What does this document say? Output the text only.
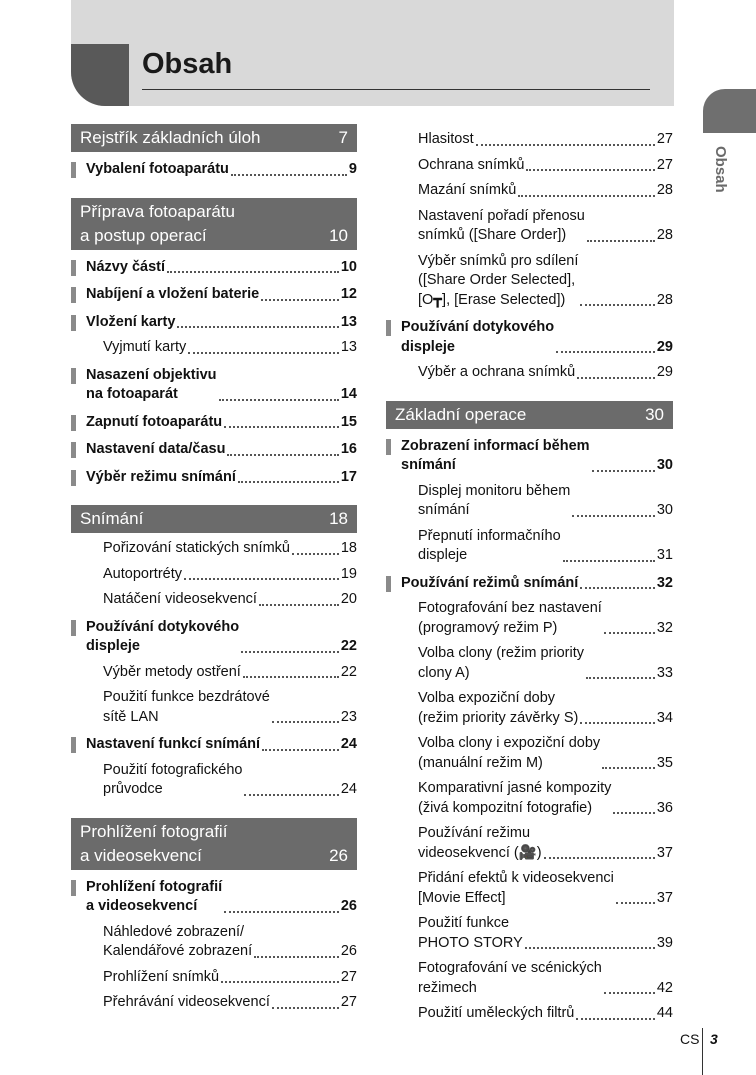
Obsah
Obsah
Rejstřík základních úloh	7
Vybalení fotoaparátu	9
Příprava fotoaparátu
a postup operací	10
Názvy částí	10
Nabíjení a vložení baterie	12
Vložení karty	13
Vyjmutí karty	13
Nasazení objektivu
na fotoaparát	14
Zapnutí fotoaparátu	15
Nastavení data/času	16
Výběr režimu snímání	17
Snímání	18
Pořizování statických snímků	18
Autoportréty	19
Natáčení videosekvencí	20
Používání dotykového
displeje	22
Výběr metody ostření	22
Použití funkce bezdrátové
sítě LAN	23
Nastavení funkcí snímání	24
Použití fotografického
průvodce	24
Prohlížení fotografií
a videosekvencí	26
Prohlížení fotografií
a videosekvencí	26
Náhledové zobrazení/
Kalendářové zobrazení	26
Prohlížení snímků	27
Přehrávání videosekvencí	27
Hlasitost	27
Ochrana snímků	27
Mazání snímků	28
Nastavení pořadí přenosu
snímků ([Share Order])	28
Výběr snímků pro sdílení
([Share Order Selected],
[O┳], [Erase Selected])	28
Používání dotykového
displeje	29
Výběr a ochrana snímků	29
Základní operace	30
Zobrazení informací během
snímání	30
Displej monitoru během
snímání	30
Přepnutí informačního
displeje	31
Používání režimů snímání	32
Fotografování bez nastavení
(programový režim P)	32
Volba clony (režim priority
clony A)	33
Volba expoziční doby
(režim priority závěrky S)	34
Volba clony i expoziční doby
(manuální režim M)	35
Komparativní jasné kompozity
(živá kompozitní fotografie)	36
Používání režimu
videosekvencí (🎥)	37
Přidání efektů k videosekvenci
[Movie Effect]	37
Použití funkce
PHOTO STORY	39
Fotografování ve scénických
režimech	42
Použití uměleckých filtrů	44
CS 3
